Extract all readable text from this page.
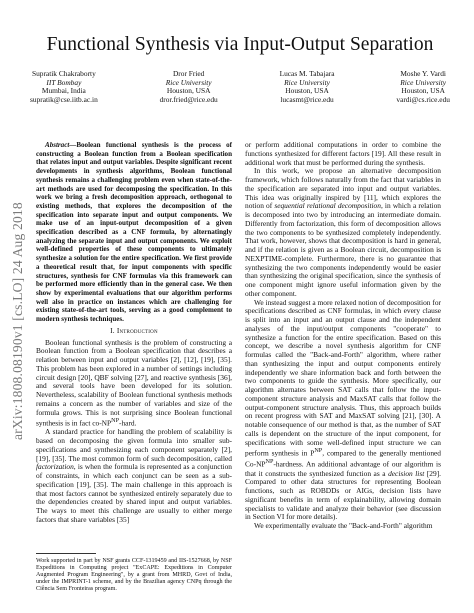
arXiv:1808.08190v1 [cs.LO] 24 Aug 2018
Functional Synthesis via Input-Output Separation
Supratik Chakraborty
IIT Bombay
Mumbai, India
supratik@cse.iitb.ac.in
Dror Fried
Rice University
Houston, USA
dror.fried@rice.edu
Lucas M. Tabajara
Rice University
Houston, USA
lucasmt@rice.edu
Moshe Y. Vardi
Rice University
Houston, USA
vardi@cs.rice.edu

Abstract—Boolean functional synthesis is the process of constructing a Boolean function from a Boolean specification that relates input and output variables. Despite significant recent developments in synthesis algorithms, Boolean functional synthesis remains a challenging problem even when state-of-the-art methods are used for decomposing the specification. In this work we bring a fresh decomposition approach, orthogonal to existing methods, that explores the decomposition of the specification into separate input and output components. We make use of an input-output decomposition of a given specification described as a CNF formula, by alternatingly analyzing the separate input and output components. We exploit well-defined properties of these components to ultimately synthesize a solution for the entire specification. We first provide a theoretical result that, for input components with specific structures, synthesis for CNF formulas via this framework can be performed more efficiently than in the general case. We then show by experimental evaluations that our algorithm performs well also in practice on instances which are challenging for existing state-of-the-art tools, serving as a good complement to modern synthesis techniques.

I. Introduction

Boolean functional synthesis is the problem of constructing a Boolean function from a Boolean specification that describes a relation between input and output variables [2], [12], [19], [35]. This problem has been explored in a number of settings including circuit design [20], QBF solving [27], and reactive synthesis [36], and several tools have been developed for its solution. Nevertheless, scalability of Boolean functional synthesis methods remains a concern as the number of variables and size of the formula grows. This is not surprising since Boolean functional synthesis is in fact $co-NP^{NP}$-hard.

A standard practice for handling the problem of scalability is based on decomposing the given formula into smaller sub-specifications and synthesizing each component separately [2], [19], [35]. The most common form of such decomposition, called factorization, is when the formula is represented as a conjunction of constraints, in which each conjunct can be seen as a sub-specification [19], [35]. The main challenge in this approach is that most factors cannot be synthesized entirely separately due to the dependencies created by shared input and output variables. The ways to meet this challenge are usually to either merge factors that share variables [35]

Work supported in part by NSF grants CCF-1319459 and IIS-1527668, by NSF Expeditions in Computing project "ExCAPE: Expeditions in Computer Augmented Program Engineering", by a grant from MHRD, Govt of India, under the IMPRINT-1 scheme, and by the Brazilian agency CNPq through the Ciência Sem Fronteiras program.

or perform additional computations in order to combine the functions synthesized for different factors [19]. All these result in additional work that must be performed during the synthesis.

In this work, we propose an alternative decomposition framework, which follows naturally from the fact that variables in the specification are separated into input and output variables. This idea was originally inspired by [11], which explores the notion of sequential relational decomposition, in which a relation is decomposed into two by introducing an intermediate domain. Differently from factorization, this form of decomposition allows the two components to be synthesized completely independently. That work, however, shows that decomposition is hard in general, and if the relation is given as a Boolean circuit, decomposition is NEXPTIME-complete. Furthermore, there is no guarantee that synthesizing the two components independently would be easier than synthesizing the original specification, since the synthesis of one component might ignore useful information given by the other component.

We instead suggest a more relaxed notion of decomposition for specifications described as CNF formulas, in which every clause is split into an input and an output clause and the independent analyses of the input/output components "cooperate" to synthesize a function for the entire specification. Based on this concept, we describe a novel synthesis algorithm for CNF formulas called the "Back-and-Forth" algorithm, where rather than synthesizing the input and output components entirely independently we share information back and forth between the two components to guide the synthesis. More specifically, our algorithm alternates between SAT calls that follow the input-component structure analysis and MaxSAT calls that follow the output-component structure analysis. Thus, this approach builds on recent progress with SAT and MaxSAT solving [21], [30]. A notable consequence of our method is that, as the number of SAT calls is dependent on the structure of the input component, for specifications with some well-defined input structure we can perform synthesis in $P^{NP}$, compared to the generally mentioned $Co-NP^{NP}$-hardness. An additional advantage of our algorithm is that it constructs the synthesized function as a decision list [29]. Compared to other data structures for representing Boolean functions, such as ROBDDs or AIGs, decision lists have significant benefits in term of explainability, allowing domain specialists to validate and analyze their behavior (see discussion in Section VI for more details).

We experimentally evaluate the "Back-and-Forth" algorithm
